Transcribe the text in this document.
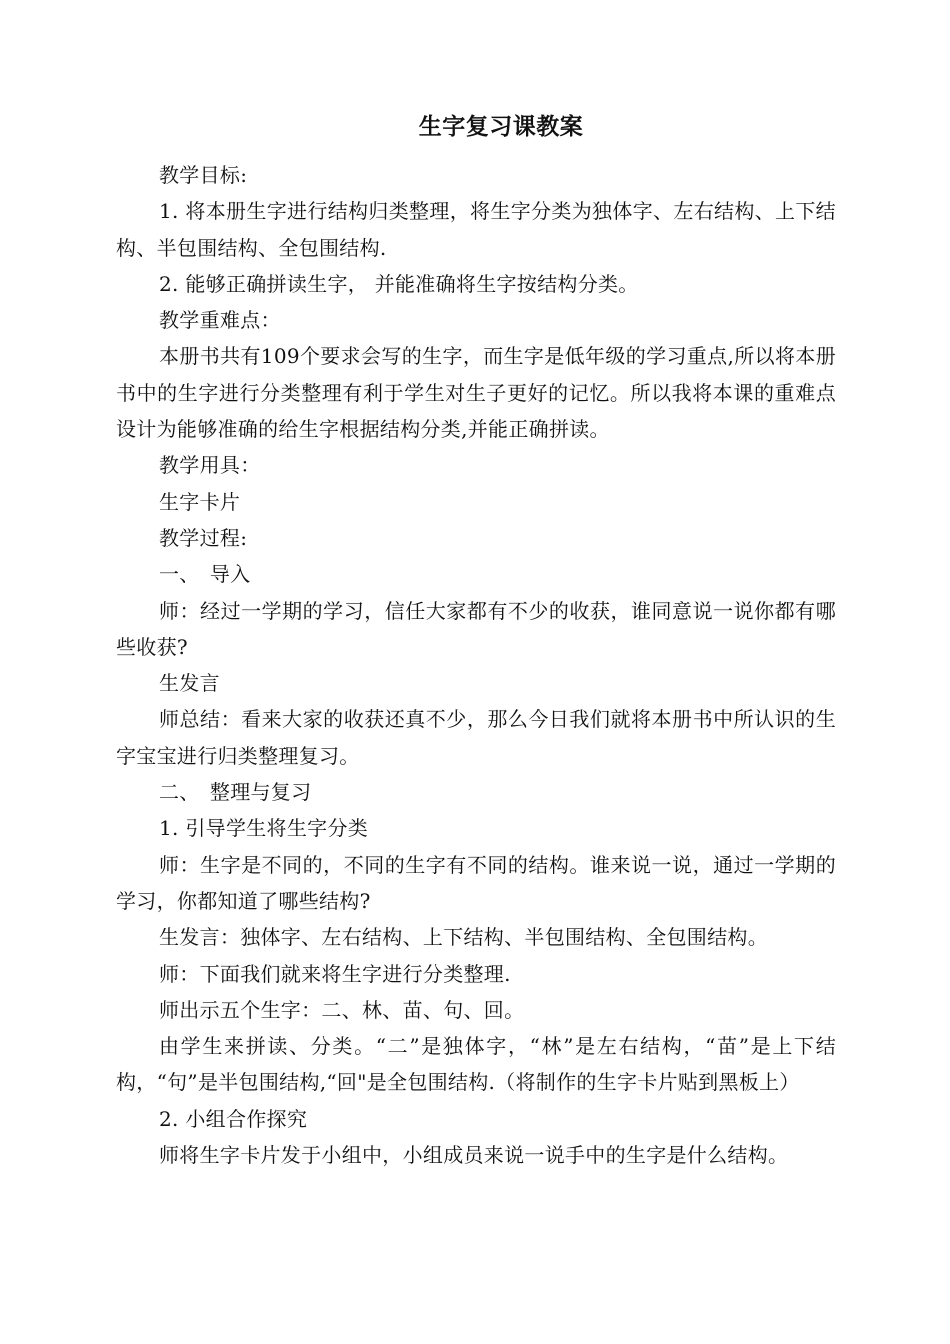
生字复习课教案

教学目标:

1. 将本册生字进行结构归类整理，将生字分类为独体字、左右结构、上下结构、半包围结构、全包围结构.

2. 能够正确拼读生字， 并能准确将生字按结构分类。

教学重难点：

本册书共有109个要求会写的生字，而生字是低年级的学习重点,所以将本册书中的生字进行分类整理有利于学生对生子更好的记忆。所以我将本课的重难点设计为能够准确的给生字根据结构分类,并能正确拼读。

教学用具：

生字卡片

教学过程:

一、　导入

师：经过一学期的学习，信任大家都有不少的收获，谁同意说一说你都有哪些收获?

生发言

师总结：看来大家的收获还真不少，那么今日我们就将本册书中所认识的生字宝宝进行归类整理复习。

二、　整理与复习

1. 引导学生将生字分类

师：生字是不同的，不同的生字有不同的结构。谁来说一说，通过一学期的学习，你都知道了哪些结构?

生发言：独体字、左右结构、上下结构、半包围结构、全包围结构。

师：下面我们就来将生字进行分类整理.

师出示五个生字：二、林、苗、句、回。

由学生来拼读、分类。“二”是独体字，“林”是左右结构，“苗”是上下结构，“句”是半包围结构,“回"是全包围结构.（将制作的生字卡片贴到黑板上）

2. 小组合作探究

师将生字卡片发于小组中，小组成员来说一说手中的生字是什么结构。
